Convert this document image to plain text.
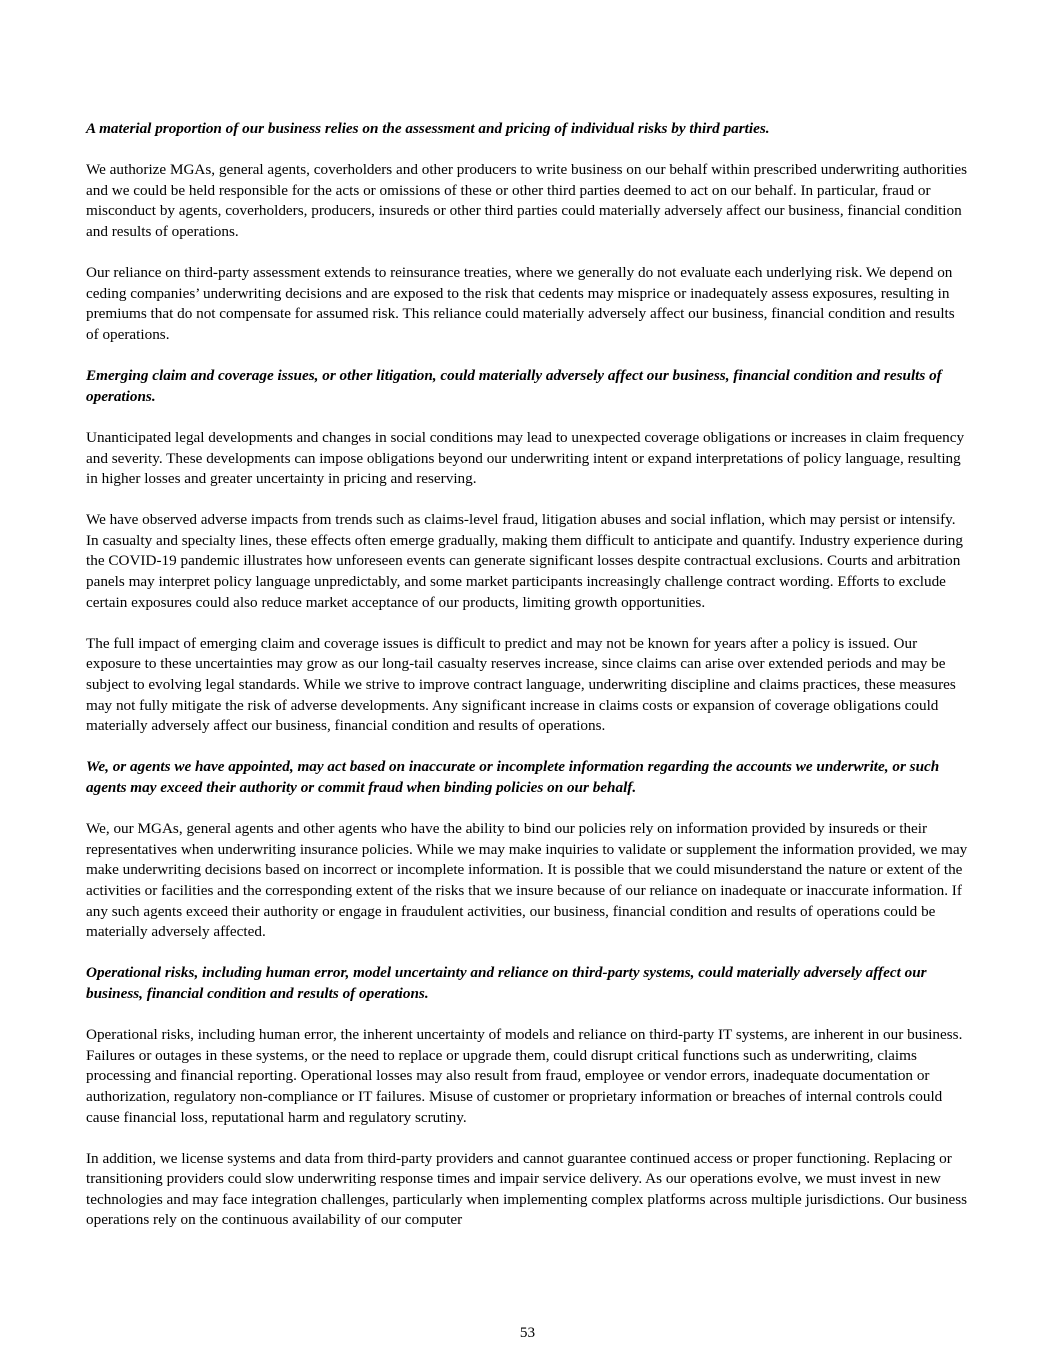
A material proportion of our business relies on the assessment and pricing of individual risks by third parties.

We authorize MGAs, general agents, coverholders and other producers to write business on our behalf within prescribed underwriting authorities and we could be held responsible for the acts or omissions of these or other third parties deemed to act on our behalf. In particular, fraud or misconduct by agents, coverholders, producers, insureds or other third parties could materially adversely affect our business, financial condition and results of operations.

Our reliance on third-party assessment extends to reinsurance treaties, where we generally do not evaluate each underlying risk. We depend on ceding companies’ underwriting decisions and are exposed to the risk that cedents may misprice or inadequately assess exposures, resulting in premiums that do not compensate for assumed risk. This reliance could materially adversely affect our business, financial condition and results of operations.

Emerging claim and coverage issues, or other litigation, could materially adversely affect our business, financial condition and results of operations.

Unanticipated legal developments and changes in social conditions may lead to unexpected coverage obligations or increases in claim frequency and severity. These developments can impose obligations beyond our underwriting intent or expand interpretations of policy language, resulting in higher losses and greater uncertainty in pricing and reserving.

We have observed adverse impacts from trends such as claims-level fraud, litigation abuses and social inflation, which may persist or intensify. In casualty and specialty lines, these effects often emerge gradually, making them difficult to anticipate and quantify. Industry experience during the COVID-19 pandemic illustrates how unforeseen events can generate significant losses despite contractual exclusions. Courts and arbitration panels may interpret policy language unpredictably, and some market participants increasingly challenge contract wording. Efforts to exclude certain exposures could also reduce market acceptance of our products, limiting growth opportunities.

The full impact of emerging claim and coverage issues is difficult to predict and may not be known for years after a policy is issued. Our exposure to these uncertainties may grow as our long-tail casualty reserves increase, since claims can arise over extended periods and may be subject to evolving legal standards. While we strive to improve contract language, underwriting discipline and claims practices, these measures may not fully mitigate the risk of adverse developments. Any significant increase in claims costs or expansion of coverage obligations could materially adversely affect our business, financial condition and results of operations.

We, or agents we have appointed, may act based on inaccurate or incomplete information regarding the accounts we underwrite, or such agents may exceed their authority or commit fraud when binding policies on our behalf.

We, our MGAs, general agents and other agents who have the ability to bind our policies rely on information provided by insureds or their representatives when underwriting insurance policies. While we may make inquiries to validate or supplement the information provided, we may make underwriting decisions based on incorrect or incomplete information. It is possible that we could misunderstand the nature or extent of the activities or facilities and the corresponding extent of the risks that we insure because of our reliance on inadequate or inaccurate information. If any such agents exceed their authority or engage in fraudulent activities, our business, financial condition and results of operations could be materially adversely affected.

Operational risks, including human error, model uncertainty and reliance on third-party systems, could materially adversely affect our business, financial condition and results of operations.

Operational risks, including human error, the inherent uncertainty of models and reliance on third-party IT systems, are inherent in our business. Failures or outages in these systems, or the need to replace or upgrade them, could disrupt critical functions such as underwriting, claims processing and financial reporting. Operational losses may also result from fraud, employee or vendor errors, inadequate documentation or authorization, regulatory non-compliance or IT failures. Misuse of customer or proprietary information or breaches of internal controls could cause financial loss, reputational harm and regulatory scrutiny.

In addition, we license systems and data from third-party providers and cannot guarantee continued access or proper functioning. Replacing or transitioning providers could slow underwriting response times and impair service delivery. As our operations evolve, we must invest in new technologies and may face integration challenges, particularly when implementing complex platforms across multiple jurisdictions. Our business operations rely on the continuous availability of our computer

53
